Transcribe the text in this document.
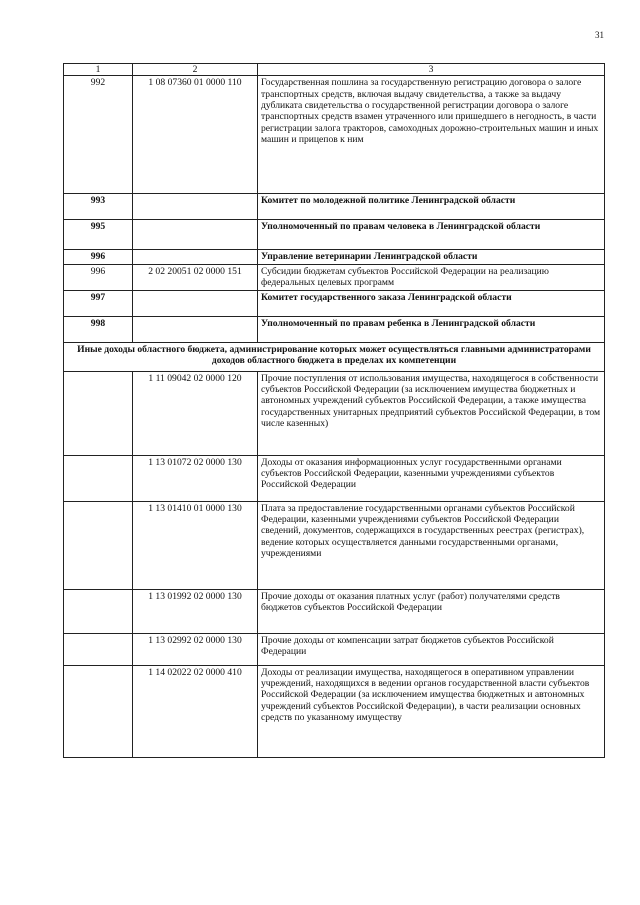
31
1	2	3
992	1 08 07360 01 0000 110	Государственная пошлина за государственную регистрацию договора о залоге транспортных средств, включая выдачу свидетельства, а также за выдачу дубликата свидетельства о государственной регистрации договора о залоге транспортных средств взамен утраченного или пришедшего в негодность, в части регистрации залога тракторов, самоходных дорожно-строительных машин и иных машин и прицепов к ним
993		Комитет по молодежной политике Ленинградской области
995		Уполномоченный по правам человека в Ленинградской области
996		Управление ветеринарии Ленинградской области
996	2 02 20051 02 0000 151	Субсидии бюджетам субъектов Российской Федерации на реализацию федеральных целевых программ
997		Комитет государственного заказа Ленинградской области
998		Уполномоченный по правам ребенка в Ленинградской области
Иные доходы областного бюджета, администрирование которых может осуществляться главными администраторами доходов областного бюджета в пределах их компетенции		
	1 11 09042 02 0000 120	Прочие поступления от использования имущества, находящегося в собственности субъектов Российской Федерации (за исключением имущества бюджетных и автономных учреждений субъектов Российской Федерации, а также имущества государственных унитарных предприятий субъектов Российской Федерации, в том числе казенных)
	1 13 01072 02 0000 130	Доходы от оказания информационных услуг государственными органами субъектов Российской Федерации, казенными учреждениями субъектов Российской Федерации
	1 13 01410 01 0000 130	Плата за предоставление государственными органами субъектов Российской Федерации, казенными учреждениями субъектов Российской Федерации сведений, документов, содержащихся в государственных реестрах (регистрах), ведение которых осуществляется данными государственными органами, учреждениями
	1 13 01992 02 0000 130	Прочие доходы от оказания платных услуг (работ) получателями средств бюджетов субъектов Российской Федерации
	1 13 02992 02 0000 130	Прочие доходы от компенсации затрат бюджетов субъектов Российской Федерации
	1 14 02022 02 0000 410	Доходы от реализации имущества, находящегося в оперативном управлении учреждений, находящихся в ведении органов государственной власти субъектов Российской Федерации (за исключением имущества бюджетных и автономных учреждений субъектов Российской Федерации), в части реализации основных средств по указанному имуществу
